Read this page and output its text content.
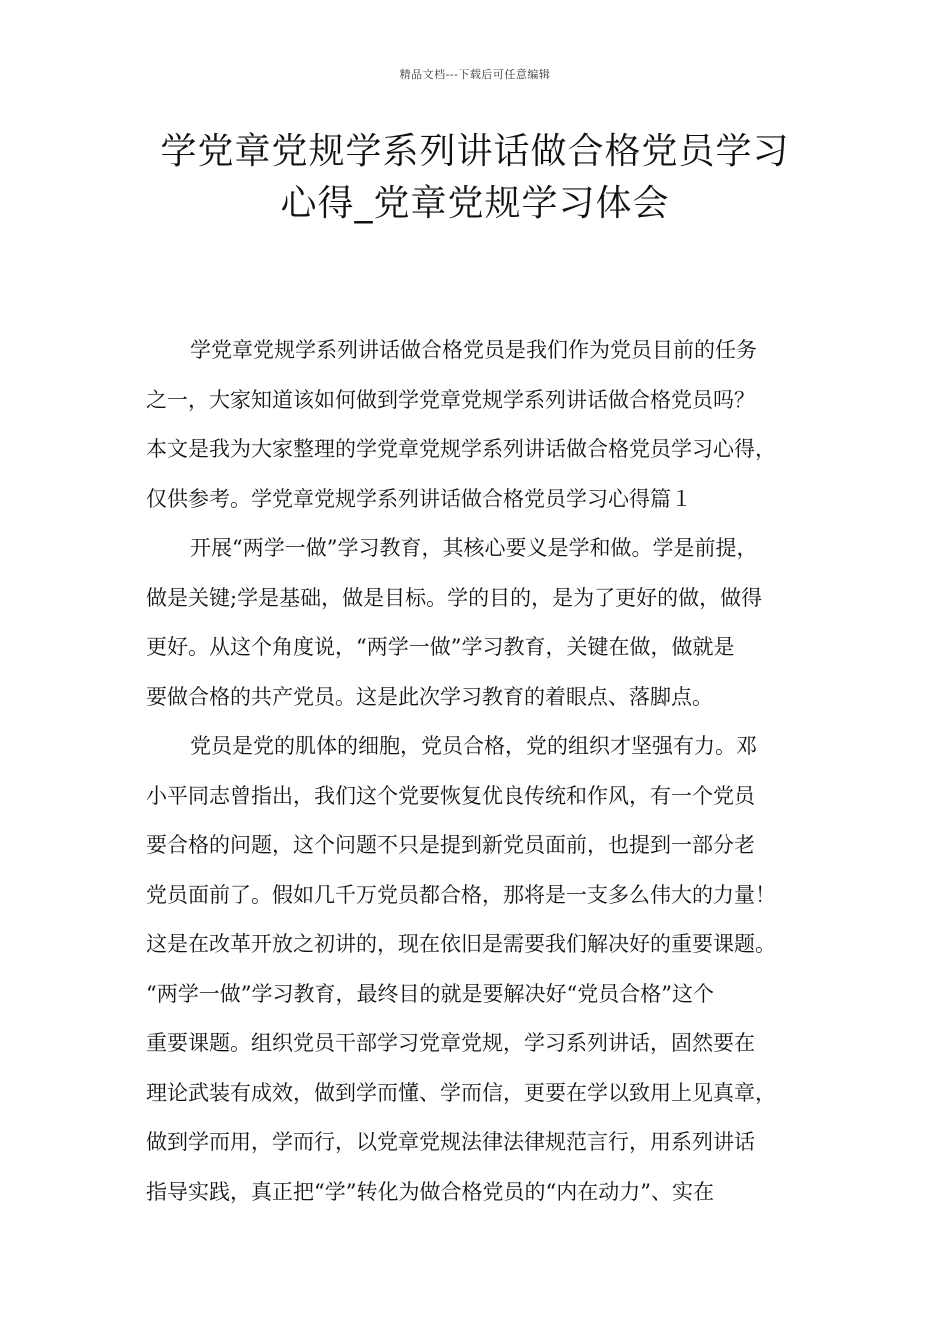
精品文档---下载后可任意编辑
学党章党规学系列讲话做合格党员学习
心得_党章党规学习体会
学党章党规学系列讲话做合格党员是我们作为党员目前的任务
之一，大家知道该如何做到学党章党规学系列讲话做合格党员吗？
本文是我为大家整理的学党章党规学系列讲话做合格党员学习心得，
仅供参考。学党章党规学系列讲话做合格党员学习心得篇１
开展“两学一做”学习教育，其核心要义是学和做。学是前提，
做是关键;学是基础，做是目标。学的目的，是为了更好的做，做得
更好。从这个角度说，“两学一做”学习教育，关键在做，做就是
要做合格的共产党员。这是此次学习教育的着眼点、落脚点。
党员是党的肌体的细胞，党员合格，党的组织才坚强有力。邓
小平同志曾指出，我们这个党要恢复优良传统和作风，有一个党员
要合格的问题，这个问题不只是提到新党员面前，也提到一部分老
党员面前了。假如几千万党员都合格，那将是一支多么伟大的力量！
这是在改革开放之初讲的，现在依旧是需要我们解决好的重要课题。
“两学一做”学习教育，最终目的就是要解决好“党员合格”这个
重要课题。组织党员干部学习党章党规，学习系列讲话，固然要在
理论武装有成效，做到学而懂、学而信，更要在学以致用上见真章，
做到学而用，学而行，以党章党规法律法律规范言行，用系列讲话
指导实践，真正把“学”转化为做合格党员的“内在动力”、实在
